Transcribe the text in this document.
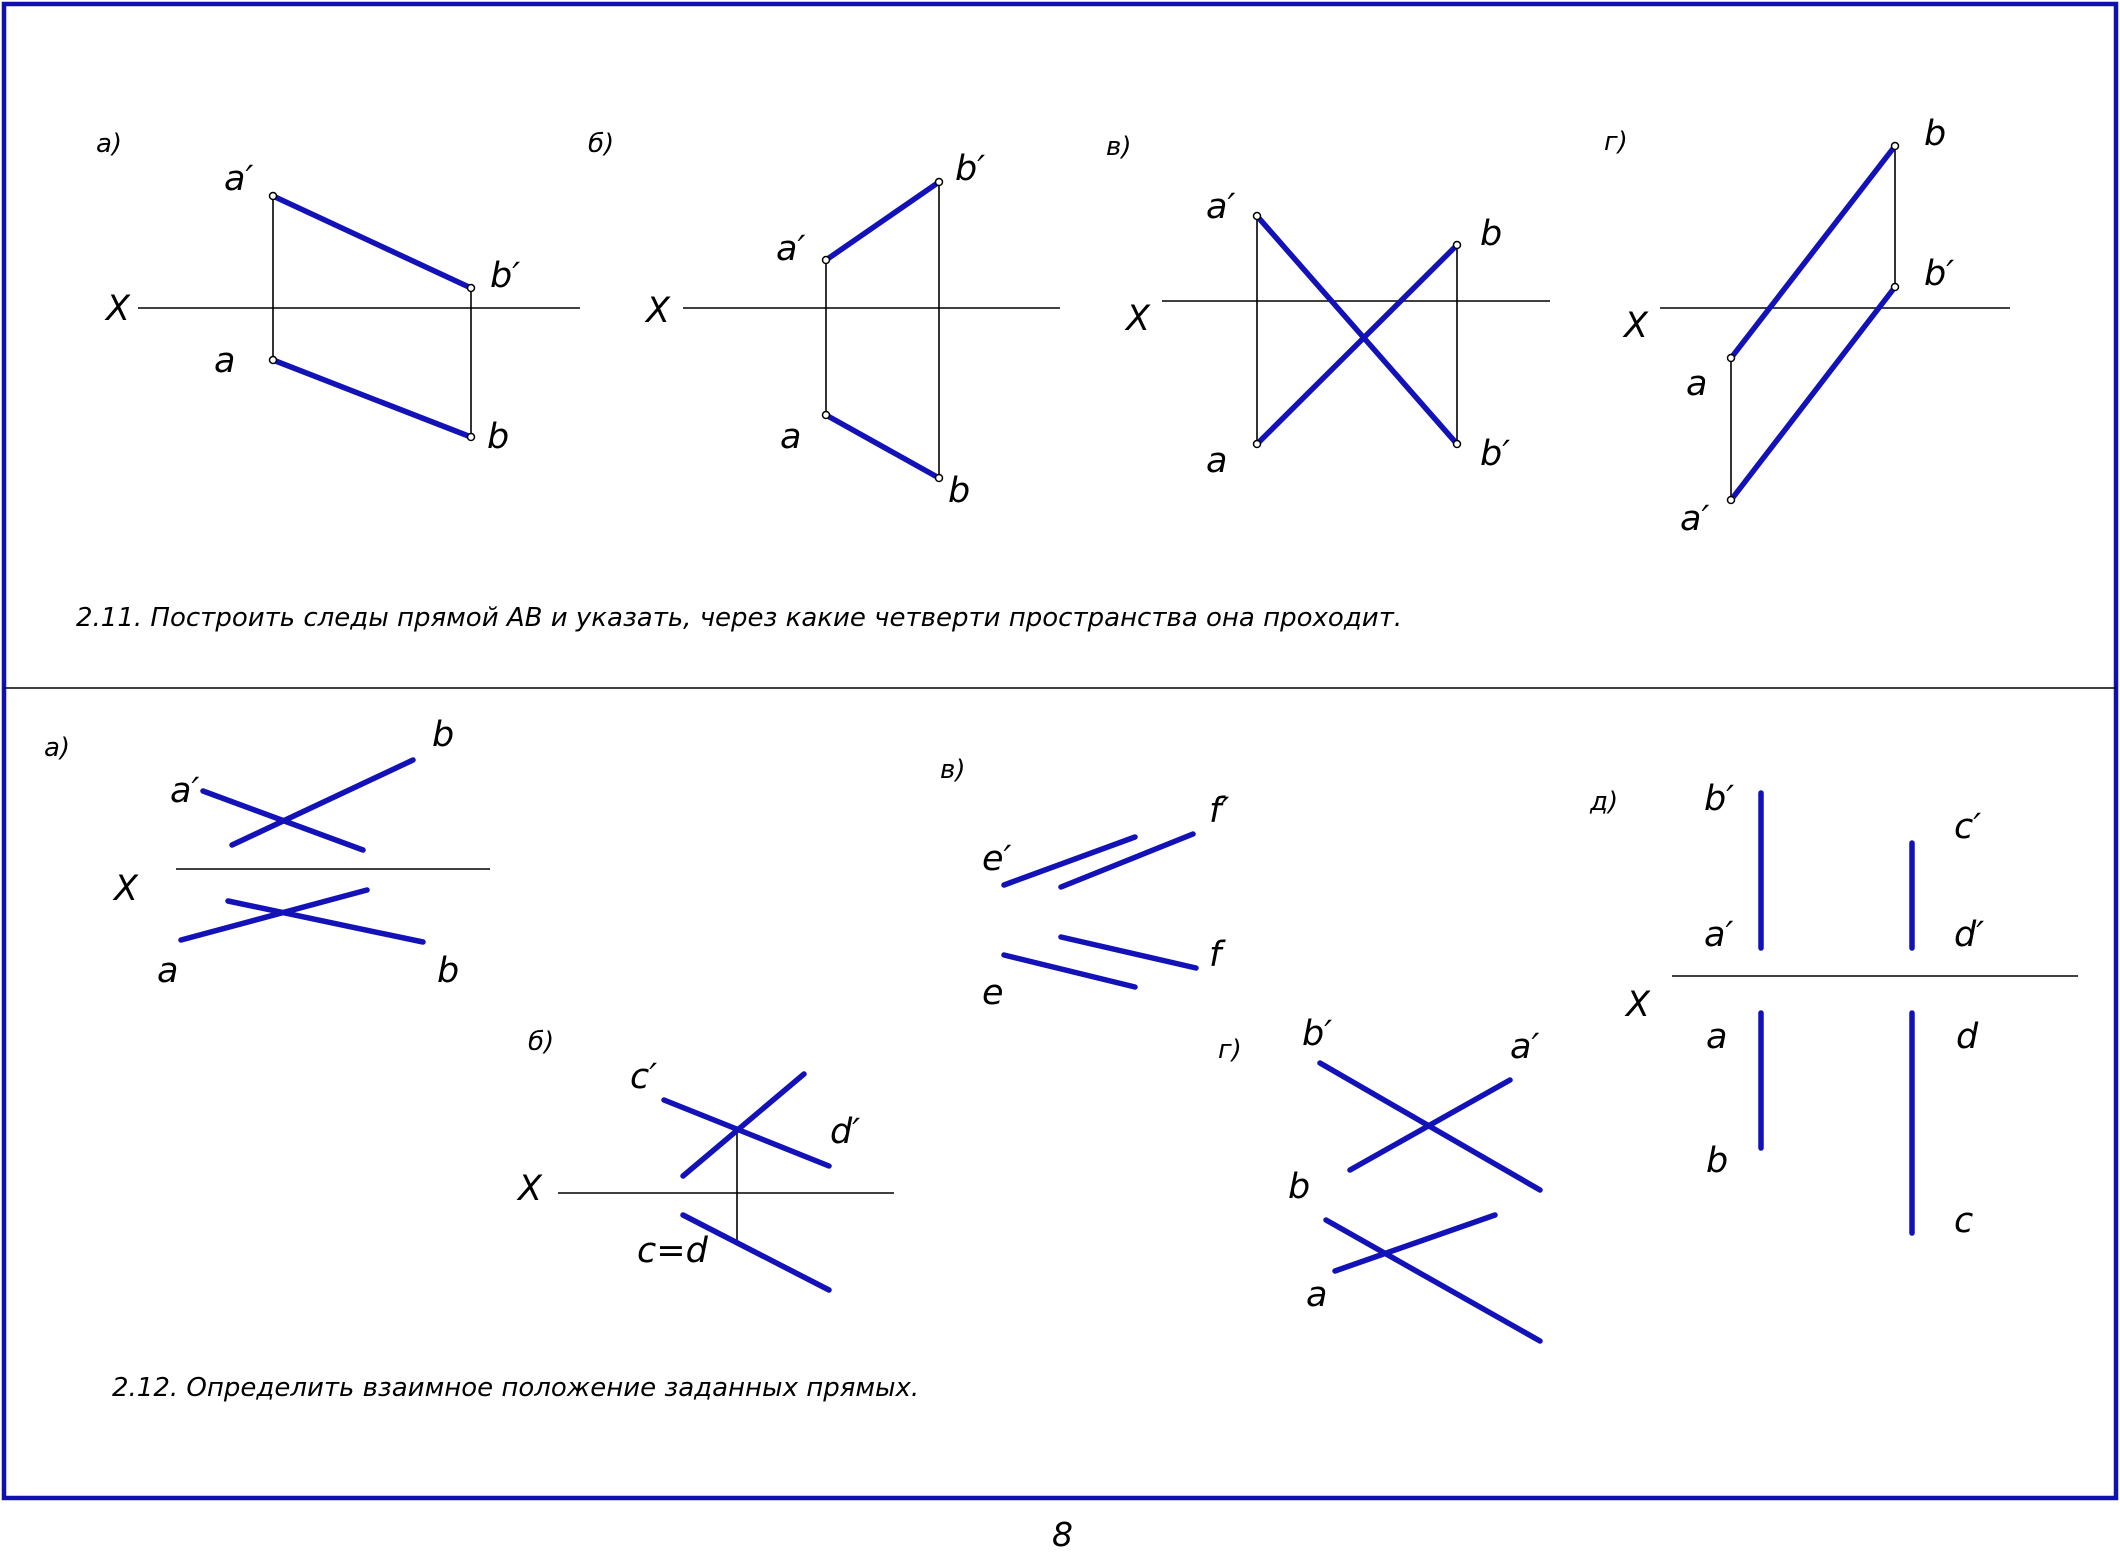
а)
X
a′
b′
a
b
б)
X
a′
b′
a
b
в)
X
a′
b
a	b′
г)
X
b
b′
a
a′
2.11. Построить следы прямой AB и указать, через какие четверти пространства она проходит.
а)
X
b
a′
a	b
б)
X
c′
d′
c=d
в)
f′
e′
f
e
г) b′	a′
b
a
д)
X
b′
c′
a′	d′
a	d
b
c
2.12. Определить взаимное положение заданных прямых.
8
